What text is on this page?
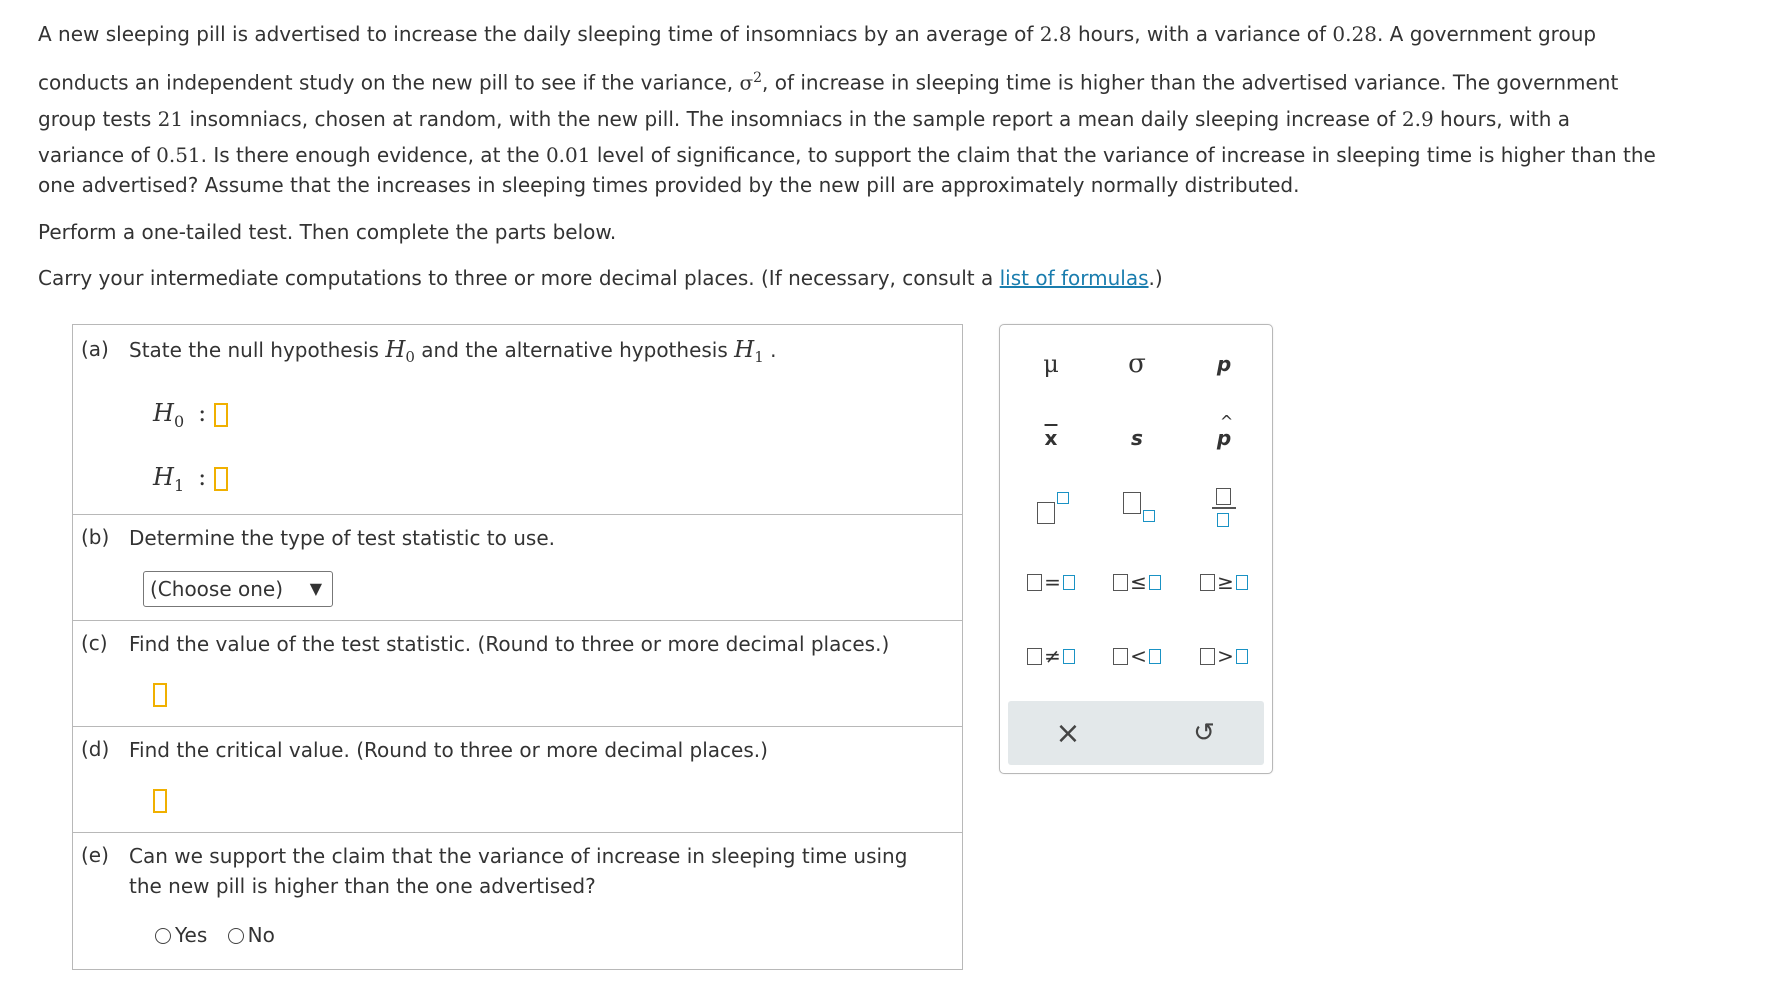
A new sleeping pill is advertised to increase the daily sleeping time of insomniacs by an average of 2.8 hours, with a variance of 0.28. A government group
conducts an independent study on the new pill to see if the variance, $\sigma^2$, of increase in sleeping time is higher than the advertised variance. The government
group tests 21 insomniacs, chosen at random, with the new pill. The insomniacs in the sample report a mean daily sleeping increase of 2.9 hours, with a
variance of 0.51. Is there enough evidence, at the 0.01 level of significance, to support the claim that the variance of increase in sleeping time is higher than the
one advertised? Assume that the increases in sleeping times provided by the new pill are approximately normally distributed.
Perform a one-tailed test. Then complete the parts below.
Carry your intermediate computations to three or more decimal places. (If necessary, consult a list of formulas.)
(a) State the null hypothesis $H_0$ and the alternative hypothesis $H_1$ .
$H_0$ :
$H_1$ :
(b) Determine the type of test statistic to use.
(Choose one) ▼
(c) Find the value of the test statistic. (Round to three or more decimal places.)
(d) Find the critical value. (Round to three or more decimal places.)
(e) Can we support the claim that the variance of increase in sleeping time using
the new pill is higher than the one advertised?
Yes No
μ	σ	p
$\overline{x}$	s
^
p
=	≤	≥
≠	<	>
×	↺
